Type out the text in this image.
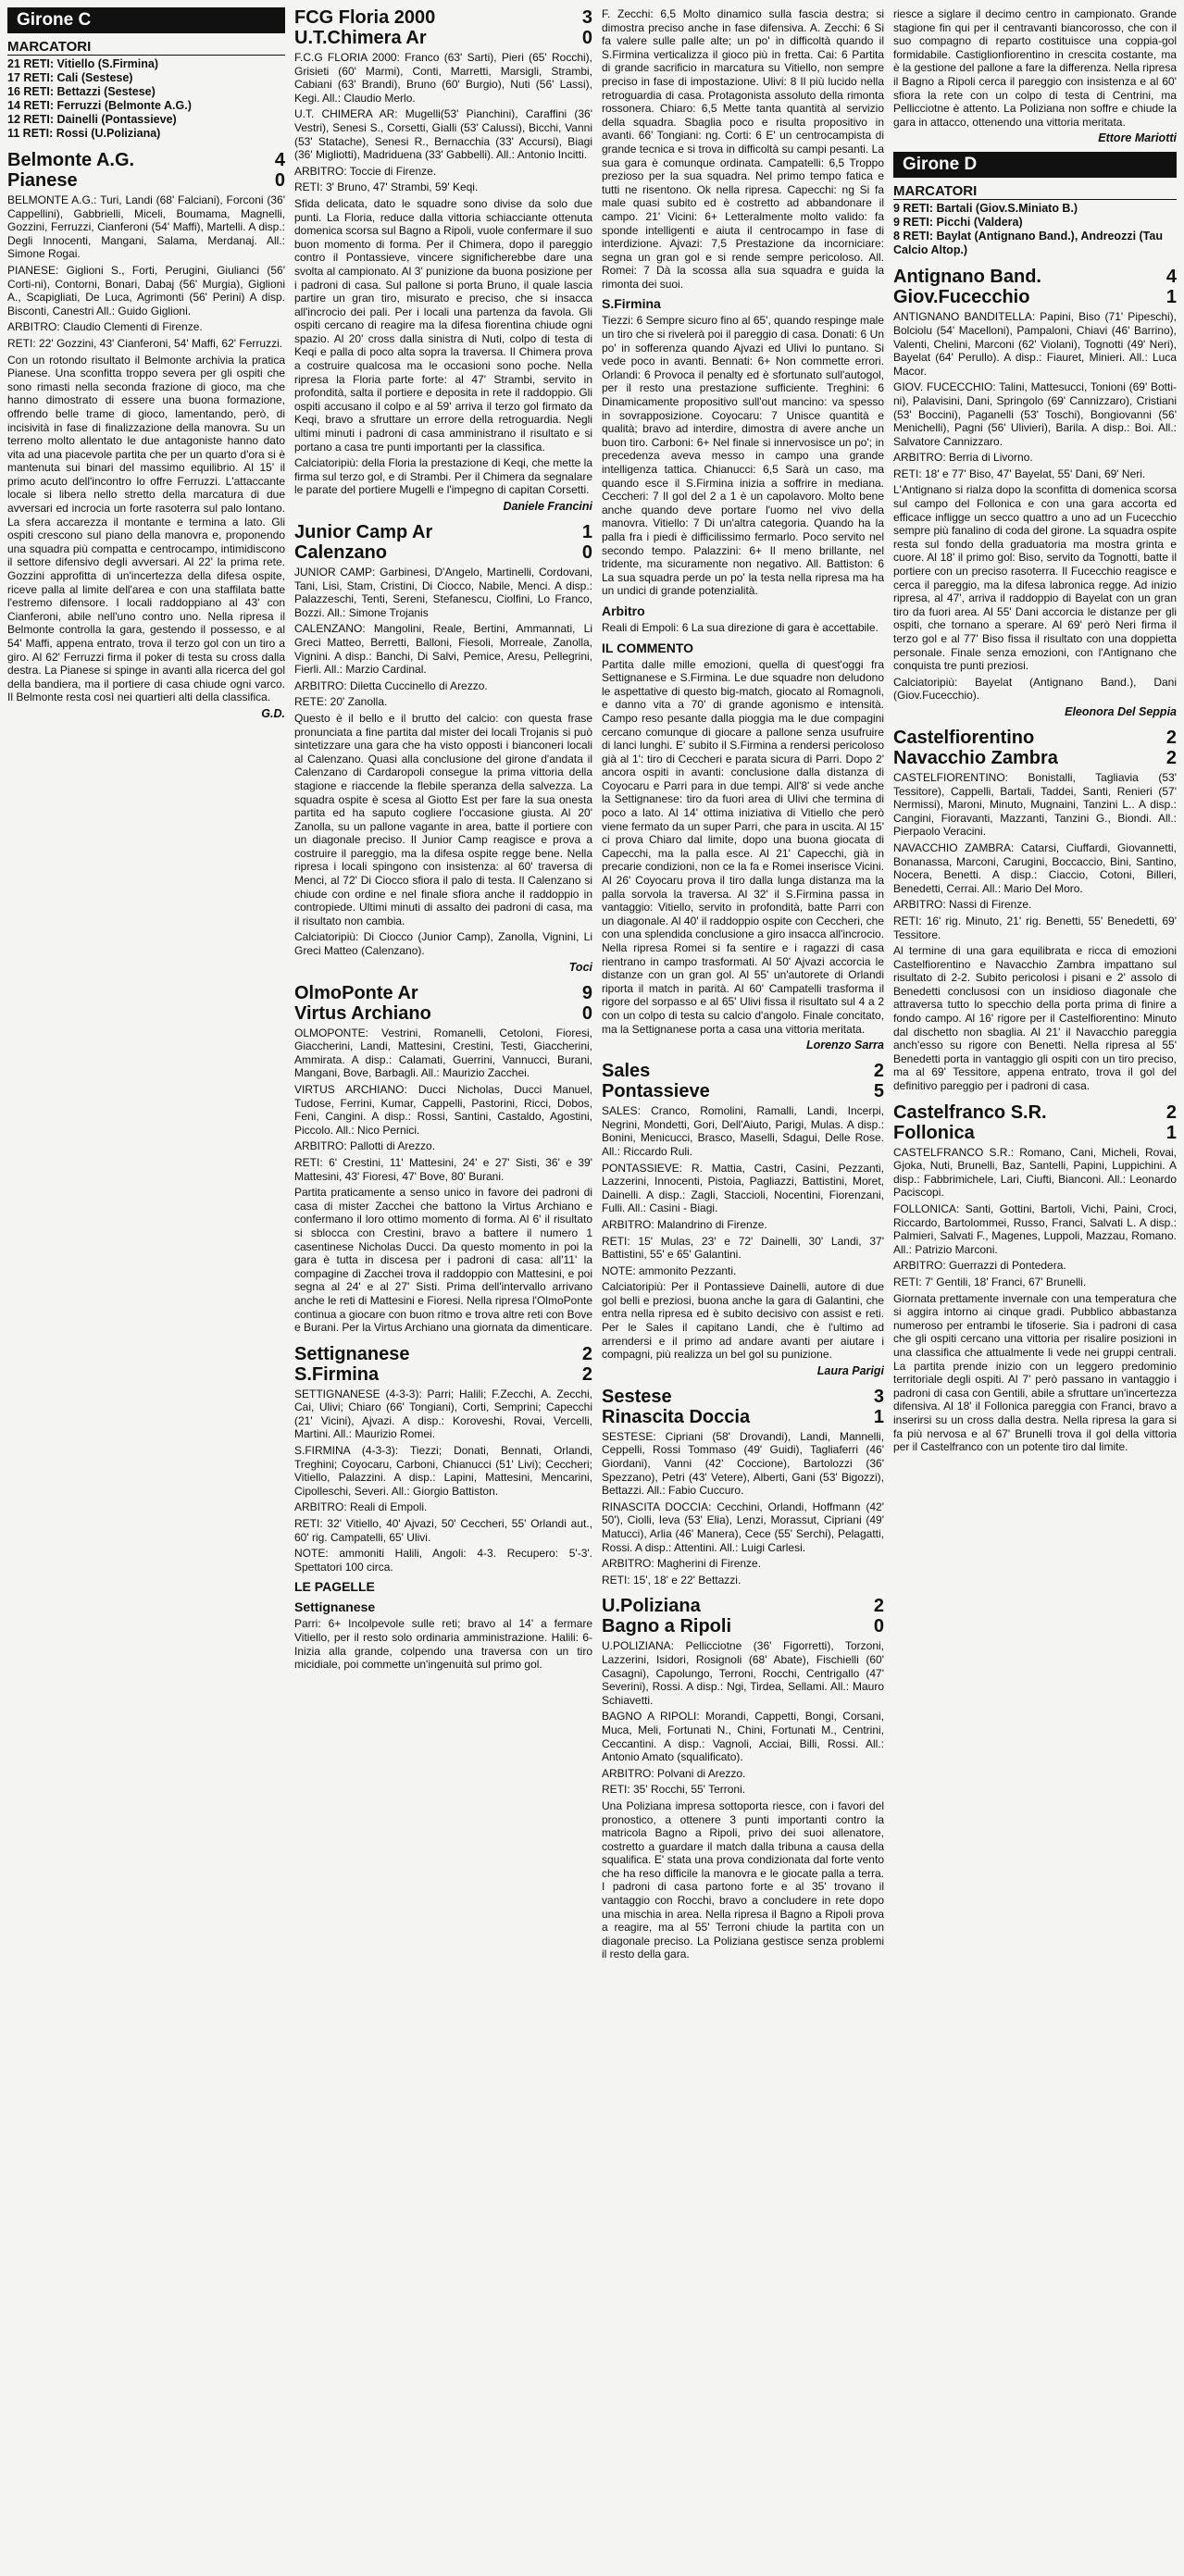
Girone C
MARCATORI

21 RETI: Vitiello (S.Firmina)

17 RETI: Cali (Sestese)

16 RETI: Bettazzi (Sestese)

14 RETI: Ferruzzi (Belmonte A.G.)

12 RETI: Dainelli (Pontassieve)

11 RETI: Rossi (U.Poliziana)

Belmonte A.G.	4
Pianese	0

BELMONTE A.G.: Turi, Landi (68' Falciani), Forconi (36' Cappellini), Gabbrielli, Miceli, Boumama, Magnelli, Gozzini, Ferruzzi, Cianferoni (54' Maffi), Martelli. A disp.: Degli Innocenti, Mangani, Salama, Merdanaj. All.: Simone Rogai.

PIANESE: Giglioni S., Forti, Perugini, Giulianci (56' Corti-ni), Contorni, Bonari, Dabaj (56' Murgia), Giglioni A., Scapigliati, De Luca, Agrimonti (56' Perini) A disp. Bisconti, Canestri All.: Guido Giglioni.

ARBITRO: Claudio Clementi di Firenze.

RETI: 22' Gozzini, 43' Cianferoni, 54' Maffi, 62' Ferruzzi.

Con un rotondo risultato il Belmonte archivia la pratica Pianese. Una sconfitta troppo severa per gli ospiti che sono rimasti nella seconda frazione di gioco, ma che hanno dimostrato di essere una buona formazione, offrendo belle trame di gioco, lamentando, però, di incisività in fase di finalizzazione della manovra. Su un terreno molto allentato le due antagoniste hanno dato vita ad una piacevole partita che per un quarto d'ora si è mantenuta sui binari del massimo equilibrio. Al 15' il primo acuto dell'incontro lo offre Ferruzzi. L'attaccante locale si libera nello stretto della marcatura di due avversari ed incrocia un forte rasoterra sul palo lontano. La sfera accarezza il montante e termina a lato. Gli ospiti crescono sul piano della manovra e, proponendo una squadra più compatta e centrocampo, intimidiscono il settore difensivo degli avversari. Al 22' la prima rete. Gozzini approfitta di un'incertezza della difesa ospite, riceve palla al limite dell'area e con una staffilata batte l'estremo difensore. I locali raddoppiano al 43' con Cianferoni, abile nell'uno contro uno. Nella ripresa il Belmonte controlla la gara, gestendo il possesso, e al 54' Maffi, appena entrato, trova il terzo gol con un tiro a giro. Al 62' Ferruzzi firma il poker di testa su cross dalla destra. La Pianese si spinge in avanti alla ricerca del gol della bandiera, ma il portiere di casa chiude ogni varco. Il Belmonte resta così nei quartieri alti della classifica.

G.D.

FCG Floria 2000	3
U.T.Chimera Ar	0

F.C.G FLORIA 2000: Franco (63' Sarti), Pieri (65' Rocchi), Grisieti (60' Marmi), Conti, Marretti, Marsigli, Strambi, Cabiani (63' Brandi), Bruno (60' Burgio), Nuti (56' Lassi), Kegi. All.: Claudio Merlo.

U.T. CHIMERA AR: Mugelli(53' Pianchini), Caraffini (36' Vestri), Senesi S., Corsetti, Gialli (53' Calussi), Bicchi, Vanni (53' Statache), Senesi R., Bernacchia (33' Accursi), Biagi (36' Migliotti), Madriduena (33' Gabbelli). All.: Antonio Incitti.

ARBITRO: Toccie di Firenze.

RETI: 3' Bruno, 47' Strambi, 59' Keqi.

Sfida delicata, dato le squadre sono divise da solo due punti. La Floria, reduce dalla vittoria schiacciante ottenuta domenica scorsa sul Bagno a Ripoli, vuole confermare il suo buon momento di forma. Per il Chimera, dopo il pareggio contro il Pontassieve, vincere significherebbe dare una svolta al campionato. Al 3' punizione da buona posizione per i padroni di casa. Sul pallone si porta Bruno, il quale lascia partire un gran tiro, misurato e preciso, che si insacca all'incrocio dei pali. Per i locali una partenza da favola. Gli ospiti cercano di reagire ma la difesa fiorentina chiude ogni spazio. Al 20' cross dalla sinistra di Nuti, colpo di testa di Keqi e palla di poco alta sopra la traversa. Il Chimera prova a costruire qualcosa ma le occasioni sono poche. Nella ripresa la Floria parte forte: al 47' Strambi, servito in profondità, salta il portiere e deposita in rete il raddoppio. Gli ospiti accusano il colpo e al 59' arriva il terzo gol firmato da Keqi, bravo a sfruttare un errore della retroguardia. Negli ultimi minuti i padroni di casa amministrano il risultato e si portano a casa tre punti importanti per la classifica.

Calciatoripiù: della Floria la prestazione di Keqi, che mette la firma sul terzo gol, e di Strambi. Per il Chimera da segnalare le parate del portiere Mugelli e l'impegno di capitan Corsetti.

Daniele Francini

Junior Camp Ar	1
Calenzano	0

JUNIOR CAMP: Garbinesi, D'Angelo, Martinelli, Cordovani, Tani, Lisi, Stam, Cristini, Di Ciocco, Nabile, Menci. A disp.: Palazzeschi, Tenti, Sereni, Stefanescu, Ciolfini, Lo Franco, Bozzi. All.: Simone Trojanis

CALENZANO: Mangolini, Reale, Bertini, Ammannati, Li Greci Matteo, Berretti, Balloni, Fiesoli, Morreale, Zanolla, Vignini. A disp.: Banchi, Di Salvi, Pemice, Aresu, Pellegrini, Fierli. All.: Marzio Cardinal.

ARBITRO: Diletta Cuccinello di Arezzo.

RETE: 20' Zanolla.

Questo è il bello e il brutto del calcio: con questa frase pronunciata a fine partita dal mister dei locali Trojanis si può sintetizzare una gara che ha visto opposti i bianconeri locali al Calenzano. Quasi alla conclusione del girone d'andata il Calenzano di Cardaropoli consegue la prima vittoria della stagione e riaccende la flebile speranza della salvezza. La squadra ospite è scesa al Giotto Est per fare la sua onesta partita ed ha saputo cogliere l'occasione giusta. Al 20' Zanolla, su un pallone vagante in area, batte il portiere con un diagonale preciso. Il Junior Camp reagisce e prova a costruire il pareggio, ma la difesa ospite regge bene. Nella ripresa i locali spingono con insistenza: al 60' traversa di Menci, al 72' Di Ciocco sfiora il palo di testa. Il Calenzano si chiude con ordine e nel finale sfiora anche il raddoppio in contropiede. Ultimi minuti di assalto dei padroni di casa, ma il risultato non cambia.

Calciatoripiù: Di Ciocco (Junior Camp), Zanolla, Vignini, Li Greci Matteo (Calenzano).

Toci

OlmoPonte Ar	9
Virtus Archiano	0

OLMOPONTE: Vestrini, Romanelli, Cetoloni, Fioresi, Giaccherini, Landi, Mattesini, Crestini, Testi, Giaccherini, Ammirata. A disp.: Calamati, Guerrini, Vannucci, Burani, Mangani, Bove, Barbagli. All.: Maurizio Zacchei.

VIRTUS ARCHIANO: Ducci Nicholas, Ducci Manuel, Tudose, Ferrini, Kumar, Cappelli, Pastorini, Ricci, Dobos, Feni, Cangini. A disp.: Rossi, Santini, Castaldo, Agostini, Piccolo. All.: Nico Pernici.

ARBITRO: Pallotti di Arezzo.

RETI: 6' Crestini, 11' Mattesini, 24' e 27' Sisti, 36' e 39' Mattesini, 43' Fioresi, 47' Bove, 80' Burani.

Partita praticamente a senso unico in favore dei padroni di casa di mister Zacchei che battono la Virtus Archiano e confermano il loro ottimo momento di forma. Al 6' il risultato si sblocca con Crestini, bravo a battere il numero 1 casentinese Nicholas Ducci. Da questo momento in poi la gara è tutta in discesa per i padroni di casa: all'11' la compagine di Zacchei trova il raddoppio con Mattesini, e poi segna al 24' e al 27' Sisti. Prima dell'intervallo arrivano anche le reti di Mattesini e Fioresi. Nella ripresa l'OlmoPonte continua a giocare con buon ritmo e trova altre reti con Bove e Burani. Per la Virtus Archiano una giornata da dimenticare.

Settignanese	2
S.Firmina	2

SETTIGNANESE (4-3-3): Parri; Halili; F.Zecchi, A. Zecchi, Cai, Ulivi; Chiaro (66' Tongiani), Corti, Semprini; Capecchi (21' Vicini), Ajvazi. A disp.: Koroveshi, Rovai, Vercelli, Martini. All.: Maurizio Romei.

S.FIRMINA (4-3-3): Tiezzi; Donati, Bennati, Orlandi, Treghini; Coyocaru, Carboni, Chianucci (51' Livi); Ceccheri; Vitiello, Palazzini. A disp.: Lapini, Mattesini, Mencarini, Cipolleschi, Severi. All.: Giorgio Battiston.

ARBITRO: Reali di Empoli.

RETI: 32' Vitiello, 40' Ajvazi, 50' Ceccheri, 55' Orlandi aut., 60' rig. Campatelli, 65' Ulivi.

NOTE: ammoniti Halili, Angoli: 4-3. Recupero: 5'-3'. Spettatori 100 circa.

LE PAGELLE
Settignanese

Parri: 6+ Incolpevole sulle reti; bravo al 14' a fermare Vitiello, per il resto solo ordinaria amministrazione. Halili: 6- Inizia alla grande, colpendo una traversa con un tiro micidiale, poi commette un'ingenuità sul primo gol.

F. Zecchi: 6,5 Molto dinamico sulla fascia destra; si dimostra preciso anche in fase difensiva. A. Zecchi: 6 Si fa valere sulle palle alte; un po' in difficoltà quando il S.Firmina verticalizza il gioco più in fretta. Cai: 6 Partita di grande sacrificio in marcatura su Vitiello, non sempre preciso in fase di impostazione. Ulivi: 8 Il più lucido nella retroguardia di casa. Protagonista assoluto della rimonta rossonera. Chiaro: 6,5 Mette tanta quantità al servizio della squadra. Sbaglia poco e risulta propositivo in avanti. 66' Tongiani: ng. Corti: 6 E' un centrocampista di grande tecnica e si trova in difficoltà su campi pesanti. La sua gara è comunque ordinata. Campatelli: 6,5 Troppo prezioso per la sua squadra. Nel primo tempo fatica e tutti ne risentono. Ok nella ripresa. Capecchi: ng Si fa male quasi subito ed è costretto ad abbandonare il campo. 21' Vicini: 6+ Letteralmente molto valido: fa sponde intelligenti e aiuta il centrocampo in fase di interdizione. Ajvazi: 7,5 Prestazione da incorniciare: segna un gran gol e si rende sempre pericoloso. All. Romei: 7 Dà la scossa alla sua squadra e guida la rimonta dei suoi.

S.Firmina

Tiezzi: 6 Sempre sicuro fino al 65', quando respinge male un tiro che si rivelerà poi il pareggio di casa. Donati: 6 Un po' in sofferenza quando Ajvazi ed Ulivi lo puntano. Si vede poco in avanti. Bennati: 6+ Non commette errori. Orlandi: 6 Provoca il penalty ed è sfortunato sull'autogol, per il resto una prestazione sufficiente. Treghini: 6 Dinamicamente propositivo sull'out mancino: va spesso in sovrapposizione. Coyocaru: 7 Unisce quantità e qualità; bravo ad interdire, dimostra di avere anche un buon tiro. Carboni: 6+ Nel finale si innervosisce un po'; in precedenza aveva messo in campo una grande intelligenza tattica. Chianucci: 6,5 Sarà un caso, ma quando esce il S.Firmina inizia a soffrire in mediana. Ceccheri: 7 Il gol del 2 a 1 è un capolavoro. Molto bene anche quando deve portare l'uomo nel vivo della manovra. Vitiello: 7 Di un'altra categoria. Quando ha la palla fra i piedi è difficilissimo fermarlo. Poco servito nel secondo tempo. Palazzini: 6+ Il meno brillante, nel tridente, ma sicuramente non negativo. All. Battiston: 6 La sua squadra perde un po' la testa nella ripresa ma ha un undici di grande potenzialità.

Arbitro

Reali di Empoli: 6 La sua direzione di gara è accettabile.

IL COMMENTO

Partita dalle mille emozioni, quella di quest'oggi fra Settignanese e S.Firmina. Le due squadre non deludono le aspettative di questo big-match, giocato al Romagnoli, e danno vita a 70' di grande agonismo e intensità. Campo reso pesante dalla pioggia ma le due compagini cercano comunque di giocare a pallone senza usufruire di lanci lunghi. E' subito il S.Firmina a rendersi pericoloso già al 1': tiro di Ceccheri e parata sicura di Parri. Dopo 2' ancora ospiti in avanti: conclusione dalla distanza di Coyocaru e Parri para in due tempi. All'8' si vede anche la Settignanese: tiro da fuori area di Ulivi che termina di poco a lato. Al 14' ottima iniziativa di Vitiello che però viene fermato da un super Parri, che para in uscita. Al 15' ci prova Chiaro dal limite, dopo una buona giocata di Capecchi, ma la palla esce. Al 21' Capecchi, già in precarie condizioni, non ce la fa e Romei inserisce Vicini. Al 26' Coyocaru prova il tiro dalla lunga distanza ma la palla sorvola la traversa. Al 32' il S.Firmina passa in vantaggio: Vitiello, servito in profondità, batte Parri con un diagonale. Al 40' il raddoppio ospite con Ceccheri, che con una splendida conclusione a giro insacca all'incrocio. Nella ripresa Romei si fa sentire e i ragazzi di casa rientrano in campo trasformati. Al 50' Ajvazi accorcia le distanze con un gran gol. Al 55' un'autorete di Orlandi riporta il match in parità. Al 60' Campatelli trasforma il rigore del sorpasso e al 65' Ulivi fissa il risultato sul 4 a 2 con un colpo di testa su calcio d'angolo. Finale concitato, ma la Settignanese porta a casa una vittoria meritata.

Lorenzo Sarra

Sales	2
Pontassieve	5

SALES: Cranco, Romolini, Ramalli, Landi, Incerpi, Negrini, Mondetti, Gori, Dell'Aiuto, Parigi, Mulas. A disp.: Bonini, Menicucci, Brasco, Maselli, Sdagui, Delle Rose. All.: Riccardo Ruli.

PONTASSIEVE: R. Mattia, Castri, Casini, Pezzanti, Lazzerini, Innocenti, Pistoia, Pagliazzi, Battistini, Moret, Dainelli. A disp.: Zagli, Staccioli, Nocentini, Fiorenzani, Fulli. All.: Casini - Biagi.

ARBITRO: Malandrino di Firenze.

RETI: 15' Mulas, 23' e 72' Dainelli, 30' Landi, 37' Battistini, 55' e 65' Galantini.

NOTE: ammonito Pezzanti.

Calciatoripiù: Per il Pontassieve Dainelli, autore di due gol belli e preziosi, buona anche la gara di Galantini, che entra nella ripresa ed è subito decisivo con assist e reti. Per le Sales il capitano Landi, che è l'ultimo ad arrendersi e il primo ad andare avanti per aiutare i compagni, più realizza un bel gol su punizione.

Laura Parigi

Sestese	3
Rinascita Doccia	1

SESTESE: Cipriani (58' Drovandi), Landi, Mannelli, Ceppelli, Rossi Tommaso (49' Guidi), Tagliaferri (46' Giordani), Vanni (42' Coccione), Bartolozzi (36' Spezzano), Petri (43' Vetere), Alberti, Gani (53' Bigozzi), Bettazzi. All.: Fabio Cuccuro.

RINASCITA DOCCIA: Cecchini, Orlandi, Hoffmann (42' 50'), Ciolli, Ieva (53' Elia), Lenzi, Morassut, Cipriani (49' Matucci), Arlia (46' Manera), Cece (55' Serchi), Pelagatti, Rossi. A disp.: Attentini. All.: Luigi Carlesi.

ARBITRO: Magherini di Firenze.

RETI: 15', 18' e 22' Bettazzi.

U.Poliziana	2
Bagno a Ripoli	0

U.POLIZIANA: Pellicciotne (36' Figorretti), Torzoni, Lazzerini, Isidori, Rosignoli (68' Abate), Fischielli (60' Casagni), Capolungo, Terroni, Rocchi, Centrigallo (47' Severini), Rossi. A disp.: Ngi, Tirdea, Sellami. All.: Mauro Schiavetti.

BAGNO A RIPOLI: Morandi, Cappetti, Bongi, Corsani, Muca, Meli, Fortunati N., Chini, Fortunati M., Centrini, Ceccantini. A disp.: Vagnoli, Acciai, Billi, Rossi. All.: Antonio Amato (squalificato).

ARBITRO: Polvani di Arezzo.

RETI: 35' Rocchi, 55' Terroni.

Una Poliziana impresa sottoporta riesce, con i favori del pronostico, a ottenere 3 punti importanti contro la matricola Bagno a Ripoli, privo dei suoi allenatore, costretto a guardare il match dalla tribuna a causa della squalifica. E' stata una prova condizionata dal forte vento che ha reso difficile la manovra e le giocate palla a terra. I padroni di casa partono forte e al 35' trovano il vantaggio con Rocchi, bravo a concludere in rete dopo una mischia in area. Nella ripresa il Bagno a Ripoli prova a reagire, ma al 55' Terroni chiude la partita con un diagonale preciso. La Poliziana gestisce senza problemi il resto della gara.

riesce a siglare il decimo centro in campionato. Grande stagione fin qui per il centravanti biancorosso, che con il suo compagno di reparto costituisce una coppia-gol formidabile. Castiglionfiorentino in crescita costante, ma è la gestione del pallone a fare la differenza. Nella ripresa il Bagno a Ripoli cerca il pareggio con insistenza e al 60' sfiora la rete con un colpo di testa di Centrini, ma Pellicciotne è attento. La Poliziana non soffre e chiude la gara in attacco, ottenendo una vittoria meritata.

Ettore Mariotti

Girone D
MARCATORI

9 RETI: Bartali (Giov.S.Miniato B.)

9 RETI: Picchi (Valdera)

8 RETI: Baylat (Antignano Band.), Andreozzi (Tau Calcio Altop.)

Antignano Band.	4
Giov.Fucecchio	1

ANTIGNANO BANDITELLA: Papini, Biso (71' Pipeschi), Bolciolu (54' Macelloni), Pampaloni, Chiavi (46' Barrino), Valenti, Chelini, Marconi (62' Violani), Tognotti (49' Neri), Bayelat (64' Perullo). A disp.: Fiauret, Minieri. All.: Luca Macor.

GIOV. FUCECCHIO: Talini, Mattesucci, Tonioni (69' Botti-ni), Palavisini, Dani, Springolo (69' Cannizzaro), Cristiani (53' Boccini), Paganelli (53' Toschi), Bongiovanni (56' Menichelli), Pagni (56' Ulivieri), Barila. A disp.: Boi. All.: Salvatore Cannizzaro.

ARBITRO: Berria di Livorno.

RETI: 18' e 77' Biso, 47' Bayelat, 55' Dani, 69' Neri.

L'Antignano si rialza dopo la sconfitta di domenica scorsa sul campo del Follonica e con una gara accorta ed efficace infligge un secco quattro a uno ad un Fucecchio sempre più fanalino di coda del girone. La squadra ospite resta sul fondo della graduatoria ma mostra grinta e cuore. Al 18' il primo gol: Biso, servito da Tognotti, batte il portiere con un preciso rasoterra. Il Fucecchio reagisce e cerca il pareggio, ma la difesa labronica regge. Ad inizio ripresa, al 47', arriva il raddoppio di Bayelat con un gran tiro da fuori area. Al 55' Dani accorcia le distanze per gli ospiti, che tornano a sperare. Al 69' però Neri firma il terzo gol e al 77' Biso fissa il risultato con una doppietta personale. Finale senza emozioni, con l'Antignano che conquista tre punti preziosi.

Calciatoripiù: Bayelat (Antignano Band.), Dani (Giov.Fucecchio).

Eleonora Del Seppia

Castelfiorentino	2
Navacchio Zambra	2

CASTELFIORENTINO: Bonistalli, Tagliavia (53' Tessitore), Cappelli, Bartali, Taddei, Santi, Renieri (57' Nermissi), Maroni, Minuto, Mugnaini, Tanzini L.. A disp.: Cangini, Fioravanti, Mazzanti, Tanzini G., Biondi. All.: Pierpaolo Veracini.

NAVACCHIO ZAMBRA: Catarsi, Ciuffardi, Giovannetti, Bonanassa, Marconi, Carugini, Boccaccio, Bini, Santino, Nocera, Benetti. A disp.: Ciaccio, Cotoni, Billeri, Benedetti, Cerrai. All.: Mario Del Moro.

ARBITRO: Nassi di Firenze.

RETI: 16' rig. Minuto, 21' rig. Benetti, 55' Benedetti, 69' Tessitore.

Al termine di una gara equilibrata e ricca di emozioni Castelfiorentino e Navacchio Zambra impattano sul risultato di 2-2. Subito pericolosi i pisani e 2' assolo di Benedetti conclusosi con un insidioso diagonale che attraversa tutto lo specchio della porta prima di finire a fondo campo. Al 16' rigore per il Castelfiorentino: Minuto dal dischetto non sbaglia. Al 21' il Navacchio pareggia anch'esso su rigore con Benetti. Nella ripresa al 55' Benedetti porta in vantaggio gli ospiti con un tiro preciso, ma al 69' Tessitore, appena entrato, trova il gol del definitivo pareggio per i padroni di casa.

Castelfranco S.R.	2
Follonica	1

CASTELFRANCO S.R.: Romano, Cani, Micheli, Rovai, Gjoka, Nuti, Brunelli, Baz, Santelli, Papini, Luppichini. A disp.: Fabbrimichele, Lari, Ciufti, Bianconi. All.: Leonardo Paciscopi.

FOLLONICA: Santi, Gottini, Bartoli, Vichi, Paini, Croci, Riccardo, Bartolommei, Russo, Franci, Salvati L. A disp.: Palmieri, Salvati F., Magenes, Luppoli, Mazzau, Romano. All.: Patrizio Marconi.

ARBITRO: Guerrazzi di Pontedera.

RETI: 7' Gentili, 18' Franci, 67' Brunelli.

Giornata prettamente invernale con una temperatura che si aggira intorno ai cinque gradi. Pubblico abbastanza numeroso per entrambi le tifoserie. Sia i padroni di casa che gli ospiti cercano una vittoria per risalire posizioni in una classifica che attualmente li vede nei gruppi centrali. La partita prende inizio con un leggero predominio territoriale degli ospiti. Al 7' però passano in vantaggio i padroni di casa con Gentili, abile a sfruttare un'incertezza difensiva. Al 18' il Follonica pareggia con Franci, bravo a inserirsi su un cross dalla destra. Nella ripresa la gara si fa più nervosa e al 67' Brunelli trova il gol della vittoria per il Castelfranco con un potente tiro dal limite.
